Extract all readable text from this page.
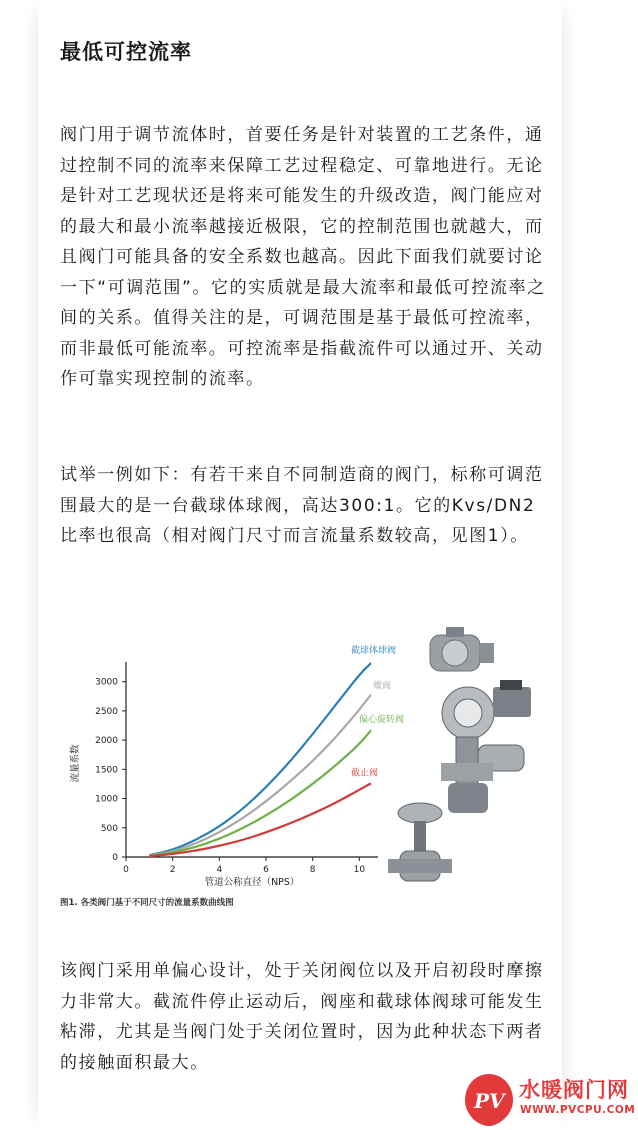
最低可控流率

阀门用于调节流体时，首要任务是针对装置的工艺条件，通过控制不同的流率来保障工艺过程稳定、可靠地进行。无论是针对工艺现状还是将来可能发生的升级改造，阀门能应对的最大和最小流率越接近极限，它的控制范围也就越大，而且阀门可能具备的安全系数也越高。因此下面我们就要讨论一下“可调范围”。它的实质就是最大流率和最低可控流率之间的关系。值得关注的是，可调范围是基于最低可控流率，而非最低可能流率。可控流率是指截流件可以通过开、关动作可靠实现控制的流率。

试举一例如下：有若干来自不同制造商的阀门，标称可调范围最大的是一台截球体球阀，高达300:1。它的Kvs/DN2比率也很高（相对阀门尺寸而言流量系数较高，见图1）。

该阀门采用单偏心设计，处于关闭阀位以及开启初段时摩擦力非常大。截流件停止运动后，阀座和截球体阀球可能发生粘滞，尤其是当阀门处于关闭位置时，因为此种状态下两者的接触面积最大。

0	2	4	6	8	10
0
500
1000
1500
2000
2500
3000
管道公称直径（NPS）
流量系数
截球体球阀
蝶阀
偏心旋转阀
截止阀
图1. 各类阀门基于不同尺寸的流量系数曲线图
PV 水暖阀门网
WWW.PVCPU.COM
